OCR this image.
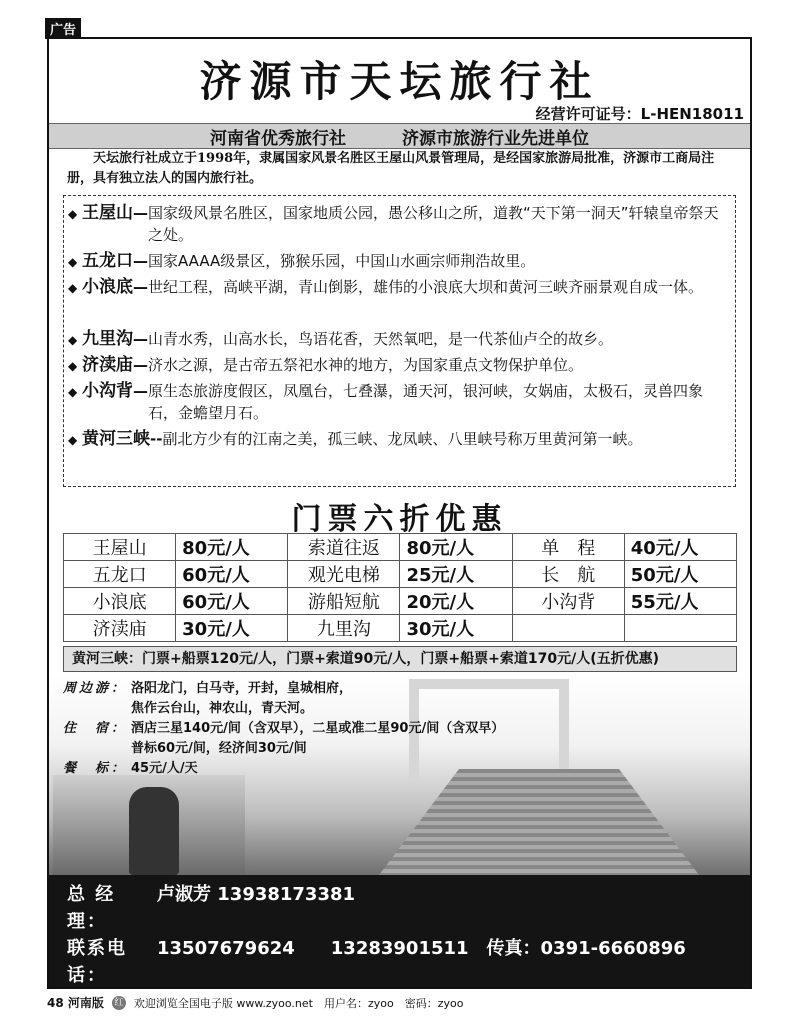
广告
济源市天坛旅行社
经营许可证号：L-HEN18011
河南省优秀旅行社	济源市旅游行业先进单位
天坛旅行社成立于1998年，隶属国家风景名胜区王屋山风景管理局，是经国家旅游局批准，济源市工商局注册，具有独立法人的国内旅行社。
◆ 王屋山 — 国家级风景名胜区，国家地质公园，愚公移山之所，道教“天下第一洞天”轩辕皇帝祭天之处。
◆ 五龙口 — 国家AAAA级景区，猕猴乐园，中国山水画宗师荆浩故里。
◆ 小浪底 — 世纪工程，高峡平湖，青山倒影，雄伟的小浪底大坝和黄河三峡齐丽景观自成一体。
◆ 九里沟 — 山青水秀，山高水长，鸟语花香，天然氧吧，是一代茶仙卢仝的故乡。
◆ 济渎庙 — 济水之源，是古帝五祭祀水神的地方，为国家重点文物保护单位。
◆ 小沟背 — 原生态旅游度假区，凤凰台，七叠瀑，通天河，银河峡，女娲庙，太极石，灵兽四象石，金蟾望月石。
◆ 黄河三峡 -- 副北方少有的江南之美，孤三峡、龙凤峡、八里峡号称万里黄河第一峡。
门票六折优惠
王屋山	80元/人	索道往返	80元/人	单　程	40元/人
五龙口	60元/人	观光电梯	25元/人	长　航	50元/人
小浪底	60元/人	游船短航	20元/人	小沟背	55元/人
济渎庙	30元/人	九里沟	30元/人		
黄河三峡：门票+船票120元/人，门票+索道90元/人，门票+船票+索道170元/人(五折优惠)
周边游： 洛阳龙门，白马寺，开封，皇城相府，
焦作云台山，神农山，青天河。
住　宿： 酒店三星140元/间（含双早），二星或准二星90元/间（含双早）
普标60元/间，经济间30元/间
餐　标： 45元/人/天
总 经 理：
卢淑芳 13938173381
联系电话：
13507679624　　13283901511　传真：0391-6660896
48 河南版 红 欢迎浏览全国电子版 www.zyoo.net　用户名：zyoo　密码：zyoo
